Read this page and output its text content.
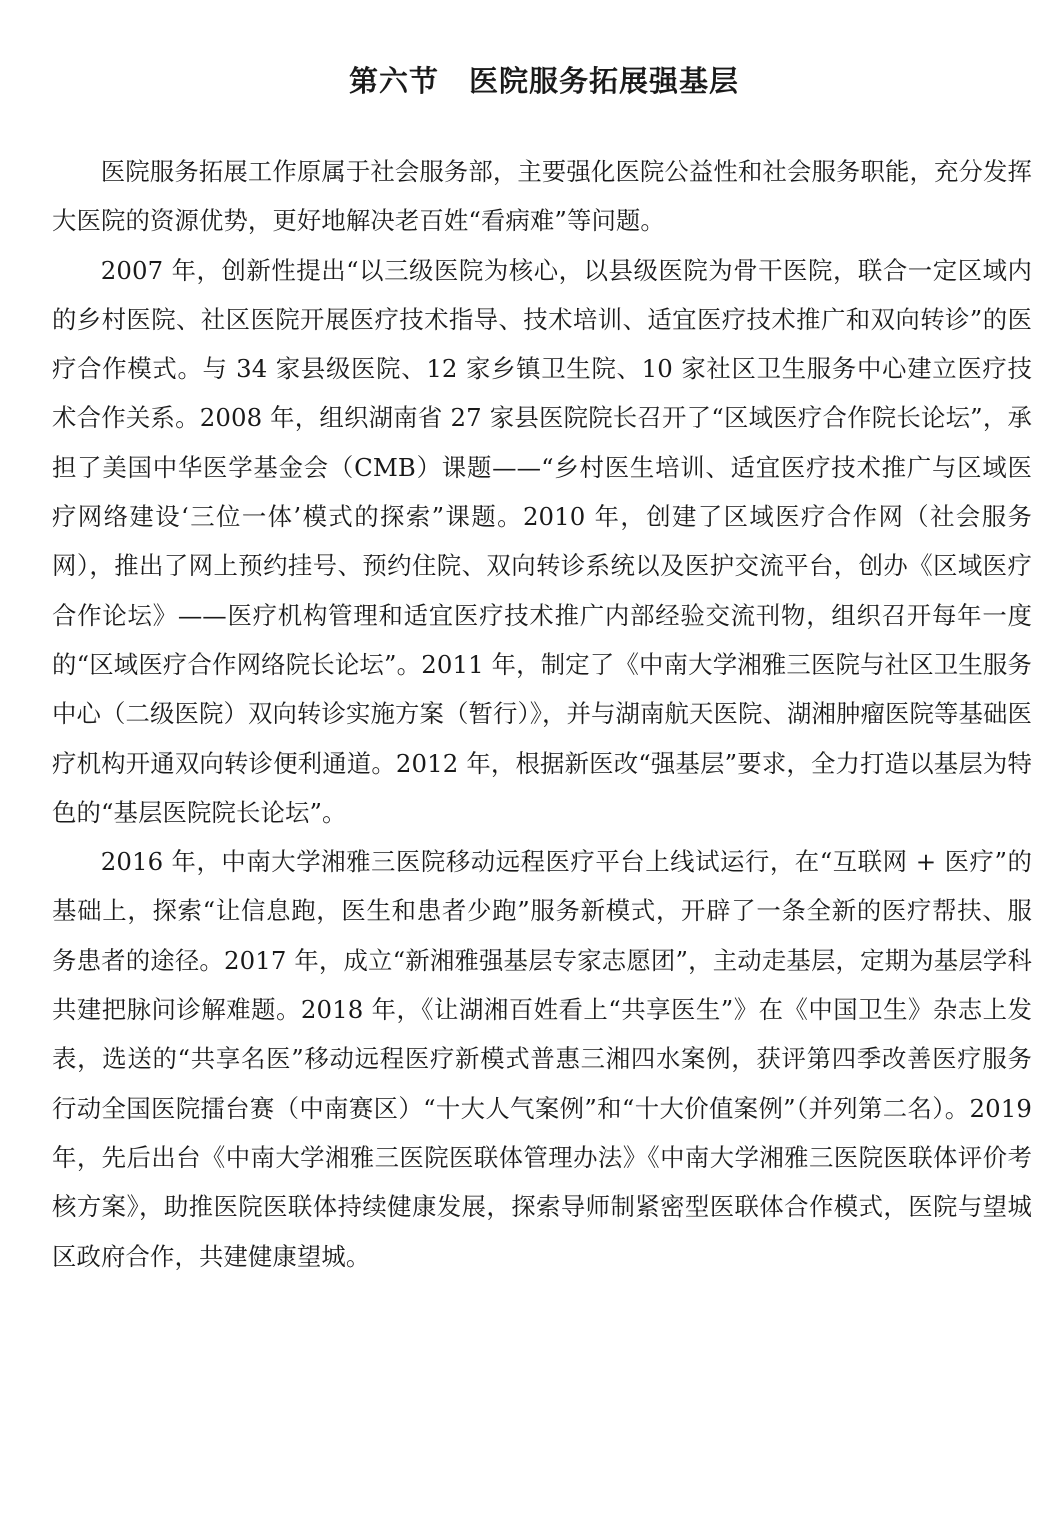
第六节　医院服务拓展强基层

医院服务拓展工作原属于社会服务部，主要强化医院公益性和社会服务职能，充分发挥大医院的资源优势，更好地解决老百姓“看病难”等问题。

2007 年，创新性提出“以三级医院为核心，以县级医院为骨干医院，联合一定区域内的乡村医院、社区医院开展医疗技术指导、技术培训、适宜医疗技术推广和双向转诊”的医疗合作模式。与 34 家县级医院、12 家乡镇卫生院、10 家社区卫生服务中心建立医疗技术合作关系。2008 年，组织湖南省 27 家县医院院长召开了“区域医疗合作院长论坛”，承担了美国中华医学基金会（CMB）课题——“乡村医生培训、适宜医疗技术推广与区域医疗网络建设‘三位一体’模式的探索”课题。2010 年，创建了区域医疗合作网（社会服务网），推出了网上预约挂号、预约住院、双向转诊系统以及医护交流平台，创办《区域医疗合作论坛》——医疗机构管理和适宜医疗技术推广内部经验交流刊物，组织召开每年一度的“区域医疗合作网络院长论坛”。2011 年，制定了《中南大学湘雅三医院与社区卫生服务中心（二级医院）双向转诊实施方案（暂行）》，并与湖南航天医院、湖湘肿瘤医院等基础医疗机构开通双向转诊便利通道。2012 年，根据新医改“强基层”要求，全力打造以基层为特色的“基层医院院长论坛”。

2016 年，中南大学湘雅三医院移动远程医疗平台上线试运行，在“互联网 + 医疗”的基础上，探索“让信息跑，医生和患者少跑”服务新模式，开辟了一条全新的医疗帮扶、服务患者的途径。2017 年，成立“新湘雅强基层专家志愿团”，主动走基层，定期为基层学科共建把脉问诊解难题。2018 年，《让湖湘百姓看上“共享医生”》在《中国卫生》杂志上发表，选送的“共享名医”移动远程医疗新模式普惠三湘四水案例，获评第四季改善医疗服务行动全国医院擂台赛（中南赛区）“十大人气案例”和“十大价值案例”（并列第二名）。2019 年，先后出台《中南大学湘雅三医院医联体管理办法》《中南大学湘雅三医院医联体评价考核方案》，助推医院医联体持续健康发展，探索导师制紧密型医联体合作模式，医院与望城区政府合作，共建健康望城。
